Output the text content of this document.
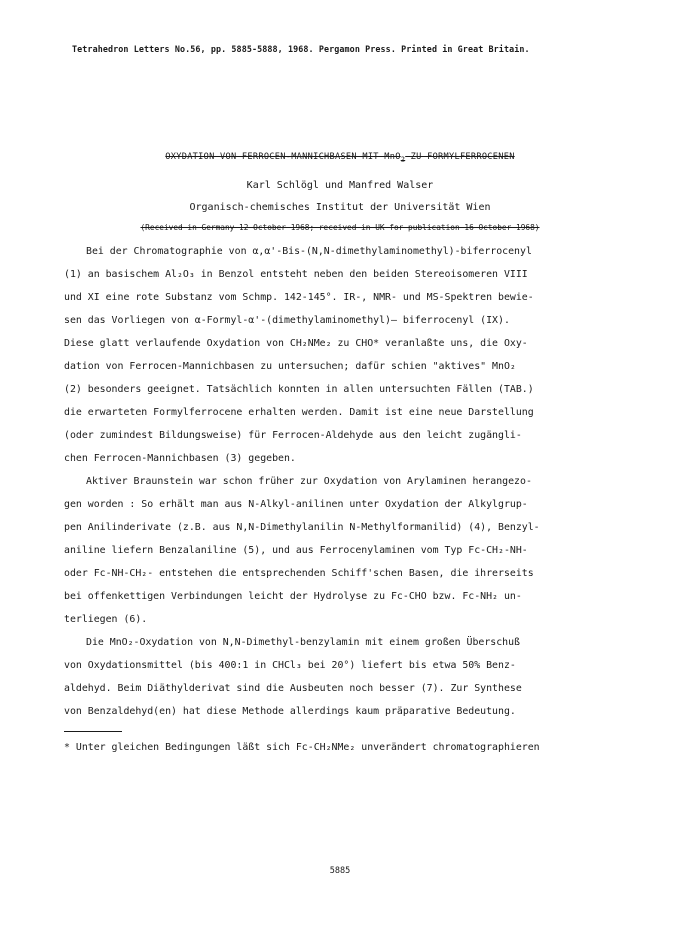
Tetrahedron Letters No.56, pp. 5885-5888, 1968. Pergamon Press. Printed in Great Britain.
OXYDATION VON FERROCEN-MANNICHBASEN MIT MnO$_2$ ZU FORMYLFERROCENEN
Karl Schlögl und Manfred Walser
Organisch-chemisches Institut der Universität Wien
(Received in Germany 12 October 1968; received in UK for publication 16 October 1968)
Bei der Chromatographie von α,α'-Bis-(N,N-dimethylaminomethyl)-biferrocenyl
(1) an basischem Al₂O₃ in Benzol entsteht neben den beiden Stereoisomeren VIII
und XI eine rote Substanz vom Schmp. 142-145°. IR-, NMR- und MS-Spektren bewie-
sen das Vorliegen von α-Formyl-α'-(dimethylaminomethyl)— biferrocenyl (IX).
Diese glatt verlaufende Oxydation von CH₂NMe₂ zu CHO* veranlaßte uns, die Oxy-
dation von Ferrocen-Mannichbasen zu untersuchen; dafür schien "aktives" MnO₂
(2) besonders geeignet. Tatsächlich konnten in allen untersuchten Fällen (TAB.)
die erwarteten Formylferrocene erhalten werden. Damit ist eine neue Darstellung
(oder zumindest Bildungsweise) für Ferrocen-Aldehyde aus den leicht zugängli-
chen Ferrocen-Mannichbasen (3) gegeben.
Aktiver Braunstein war schon früher zur Oxydation von Arylaminen herangezo-
gen worden : So erhält man aus N-Alkyl-anilinen unter Oxydation der Alkylgrup-
pen Anilinderivate (z.B. aus N,N-Dimethylanilin N-Methylformanilid) (4), Benzyl-
aniline liefern Benzalaniline (5), und aus Ferrocenylaminen vom Typ Fc-CH₂-NH-
oder Fc-NH-CH₂- entstehen die entsprechenden Schiff'schen Basen, die ihrerseits
bei offenkettigen Verbindungen leicht der Hydrolyse zu Fc-CHO bzw. Fc-NH₂ un-
terliegen (6).
Die MnO₂-Oxydation von N,N-Dimethyl-benzylamin mit einem großen Überschuß
von Oxydationsmittel (bis 400:1 in CHCl₃ bei 20°) liefert bis etwa 50% Benz-
aldehyd. Beim Diäthylderivat sind die Ausbeuten noch besser (7). Zur Synthese
von Benzaldehyd(en) hat diese Methode allerdings kaum präparative Bedeutung.
* Unter gleichen Bedingungen läßt sich Fc-CH₂NMe₂ unverändert chromatographieren
5885
